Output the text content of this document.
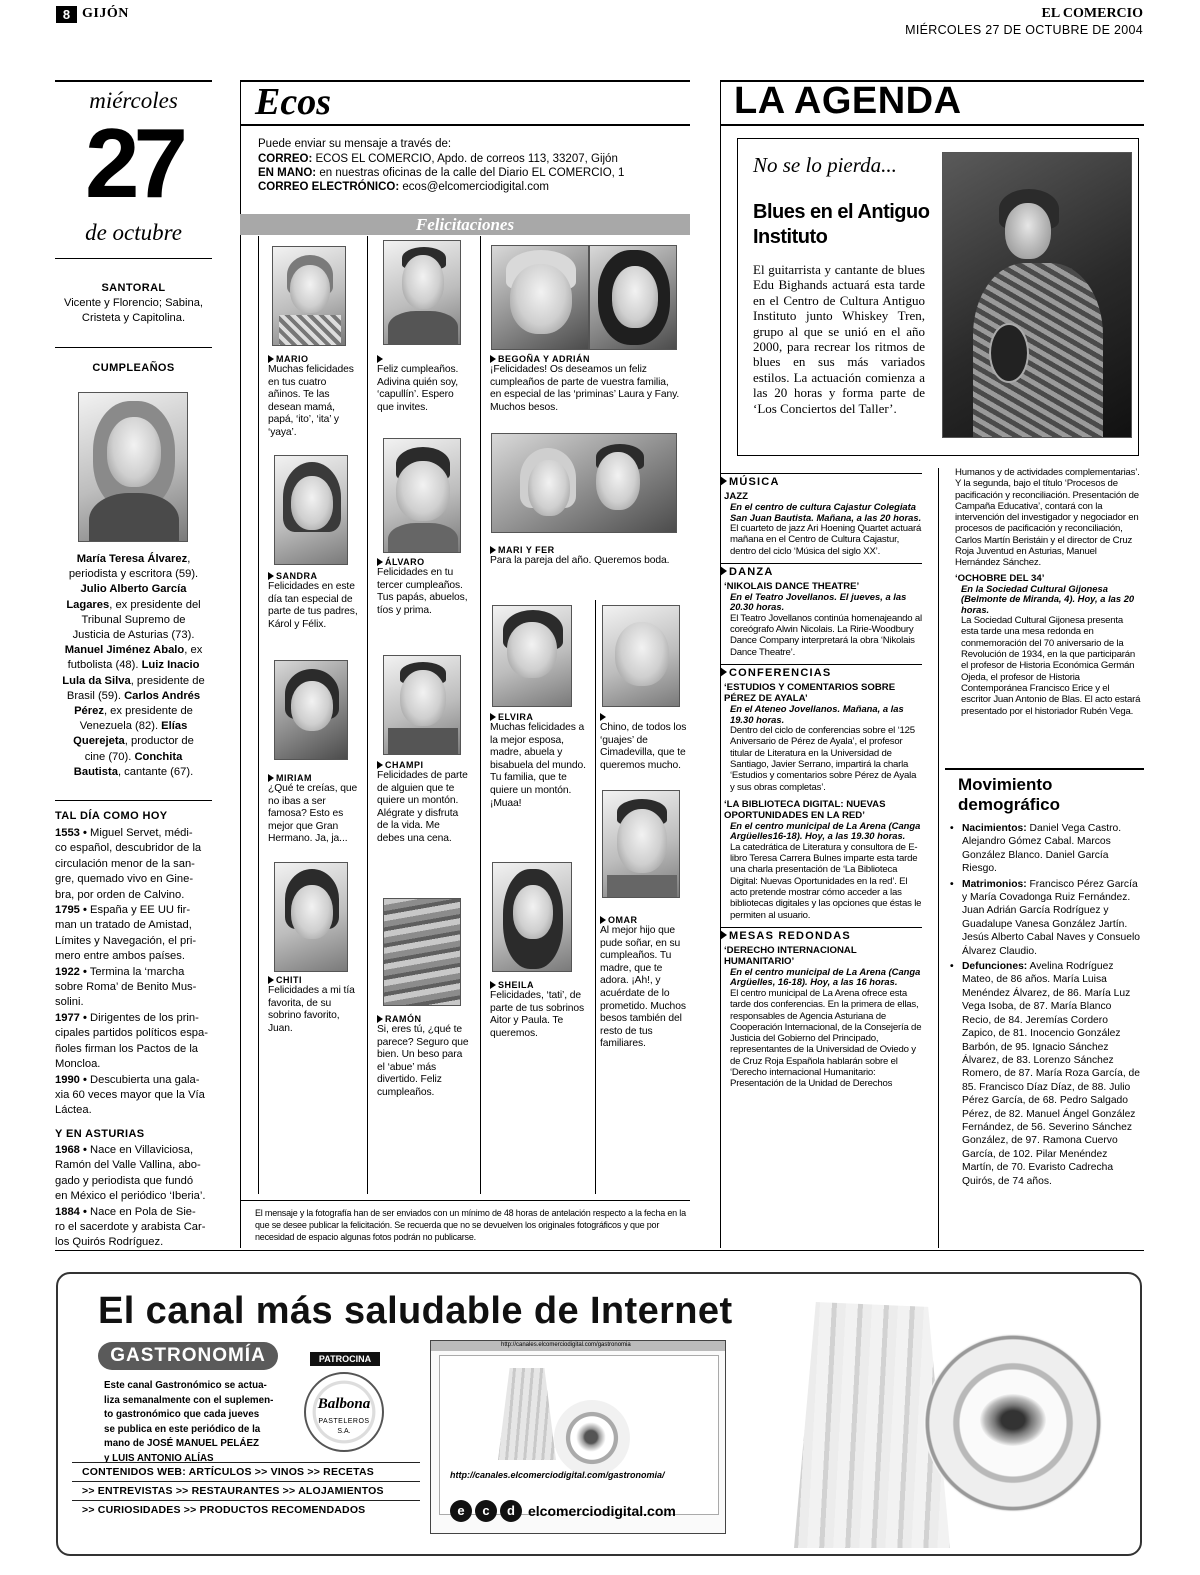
8 GIJÓN	EL COMERCIO
MIÉRCOLES 27 DE OCTUBRE DE 2004
miércoles
27
de octubre
SANTORAL
Vicente y Florencio; Sabina, Cristeta y Capitolina.
CUMPLEAÑOS
María Teresa Álvarez,
periodista y escritora (59).
Julio Alberto García
Lagares, ex presidente del
Tribunal Supremo de
Justicia de Asturias (73).
Manuel Jiménez Abalo, ex
futbolista (48). Luiz Inacio
Lula da Silva, presidente de
Brasil (59). Carlos Andrés
Pérez, ex presidente de
Venezuela (82). Elías
Querejeta, productor de
cine (70). Conchita
Bautista, cantante (67).
TAL DÍA COMO HOY
1553 • Miguel Servet, médi-
co español, descubridor de la
circulación menor de la san-
gre, quemado vivo en Gine-
bra, por orden de Calvino.
1795 • España y EE UU fir-
man un tratado de Amistad,
Límites y Navegación, el pri-
mero entre ambos países.
1922 • Termina la ‘marcha
sobre Roma’ de Benito Mus-
solini.
1977 • Dirigentes de los prin-
cipales partidos políticos espa-
ñoles firman los Pactos de la
Moncloa.
1990 • Descubierta una gala-
xia 60 veces mayor que la Vía
Láctea.
Y EN ASTURIAS
1968 • Nace en Villaviciosa,
Ramón del Valle Vallina, abo-
gado y periodista que fundó
en México el periódico ‘Iberia’.
1884 • Nace en Pola de Sie-
ro el sacerdote y arabista Car-
los Quirós Rodríguez.
Ecos
Puede enviar su mensaje a través de:
CORREO: ECOS EL COMERCIO, Apdo. de correos 113, 33207, Gijón
EN MANO: en nuestras oficinas de la calle del Diario EL COMERCIO, 1
CORREO ELECTRÓNICO: ecos@elcomerciodigital.com
Felicitaciones
MARIO
Muchas felicidades en tus cuatro añinos. Te las desean mamá, papá, ‘ito’, ‘ita’ y ‘yaya’.
Feliz cumpleaños. Adivina quién soy, ‘capullín’. Espero que invites.
BEGOÑA Y ADRIÁN
¡Felicidades! Os deseamos un feliz cumpleaños de parte de vuestra familia, en especial de las ‘priminas’ Laura y Fany. Muchos besos.
MARI Y FER
Para la pareja del año. Queremos boda.
SANDRA
Felicidades en este día tan especial de parte de tus padres, Károl y Félix.
ÁLVARO
Felicidades en tu tercer cumpleaños. Tus papás, abuelos, tíos y prima.
MIRIAM
¿Qué te creías, que no ibas a ser famosa? Esto es mejor que Gran Hermano. Ja, ja...
CHAMPI
Felicidades de parte de alguien que te quiere un montón. Alégrate y disfruta de la vida. Me debes una cena.
ELVIRA
Muchas felicidades a la mejor esposa, madre, abuela y bisabuela del mundo. Tu familia, que te quiere un montón. ¡Muaa!
Chino, de todos los ‘guajes’ de Cimadevilla, que te queremos mucho.
CHITI
Felicidades a mi tía favorita, de su sobrino favorito, Juan.
RAMÓN
Si, eres tú, ¿qué te parece? Seguro que bien. Un beso para el ‘abue’ más divertido. Feliz cumpleaños.
SHEILA
Felicidades, ‘tati’, de parte de tus sobrinos Aitor y Paula. Te queremos.
OMAR
Al mejor hijo que pude soñar, en su cumpleaños. Tu madre, que te adora. ¡Ah!, y acuérdate de lo prometido. Muchos besos también del resto de tus familiares.
El mensaje y la fotografía han de ser enviados con un mínimo de 48 horas de antelación respecto a la fecha en la que se desee publicar la felicitación. Se recuerda que no se devuelven los originales fotográficos y que por necesidad de espacio algunas fotos podrán no publicarse.
LA AGENDA
No se lo pierda...
Blues en el Antiguo Instituto
El guitarrista y cantante de blues Edu Bighands actuará esta tarde en el Centro de Cultura Antiguo Instituto junto Whiskey Tren, grupo al que se unió en el año 2000, para recrear los ritmos de blues en sus más variados estilos. La actuación comienza a las 20 horas y forma parte de ‘Los Conciertos del Taller’.
MÚSICA
JAZZ
En el centro de cultura Cajastur Colegiata San Juan Bautista. Mañana, a las 20 horas.
El cuarteto de jazz Ari Hoening Quartet actuará mañana en el Centro de Cultura Cajastur, dentro del ciclo ‘Música del siglo XX’.
DANZA
‘NIKOLAIS DANCE THEATRE’
En el Teatro Jovellanos. El jueves, a las 20.30 horas.
El Teatro Jovellanos continúa homenajeando al coreógrafo Alwin Nicolais. La Ririe-Woodbury Dance Company interpretará la obra ‘Nikolais Dance Theatre’.
CONFERENCIAS
‘ESTUDIOS Y COMENTARIOS SOBRE PÉREZ DE AYALA’
En el Ateneo Jovellanos. Mañana, a las 19.30 horas.
Dentro del ciclo de conferencias sobre el ‘125 Aniversario de Pérez de Ayala’, el profesor titular de Literatura en la Universidad de Santiago, Javier Serrano, impartirá la charla ‘Estudios y comentarios sobre Pérez de Ayala y sus obras completas’.
‘LA BIBLIOTECA DIGITAL: NUEVAS OPORTUNIDADES EN LA RED’
En el centro municipal de La Arena (Canga Argüelles16-18). Hoy, a las 19.30 horas.
La catedrática de Literatura y consultora de E-libro Teresa Carrera Bulnes imparte esta tarde una charla presentación de ‘La Biblioteca Digital: Nuevas Oportunidades en la red’. El acto pretende mostrar cómo acceder a las bibliotecas digitales y las opciones que éstas le permiten al usuario.
MESAS REDONDAS
‘DERECHO INTERNACIONAL HUMANITARIO’
En el centro municipal de La Arena (Canga Argüelles, 16-18). Hoy, a las 16 horas.
El centro municipal de La Arena ofrece esta tarde dos conferencias. En la primera de ellas, responsables de Agencia Asturiana de Cooperación Internacional, de la Consejería de Justicia del Gobierno del Principado, representantes de la Universidad de Oviedo y de Cruz Roja Española hablarán sobre el ‘Derecho internacional Humanitario: Presentación de la Unidad de Derechos
Humanos y de actividades complementarias’. Y la segunda, bajo el título ‘Procesos de pacificación y reconciliación. Presentación de Campaña Educativa’, contará con la intervención del investigador y negociador en procesos de pacificación y reconciliación, Carlos Martín Beristáin y el director de Cruz Roja Juventud en Asturias, Manuel Hernández Sánchez.
‘OCHOBRE DEL 34’
En la Sociedad Cultural Gijonesa (Belmonte de Miranda, 4). Hoy, a las 20 horas.
La Sociedad Cultural Gijonesa presenta esta tarde una mesa redonda en conmemoración del 70 aniversario de la Revolución de 1934, en la que participarán el profesor de Historia Económica Germán Ojeda, el profesor de Historia Contemporánea Francisco Erice y el escritor Juan Antonio de Blas. El acto estará presentado por el historiador Rubén Vega.
Movimiento demográfico
• Nacimientos: Daniel Vega Castro. Alejandro Gómez Cabal. Marcos González Blanco. Daniel García Riesgo.
• Matrimonios: Francisco Pérez García y María Covadonga Ruiz Fernández. Juan Adrián García Rodríguez y Guadalupe Vanesa González Jartín. Jesús Alberto Cabal Naves y Consuelo Álvarez Claudio.
• Defunciones: Avelina Rodríguez Mateo, de 86 años. María Luisa Menéndez Álvarez, de 86. María Luz Vega Isoba, de 87. María Blanco Recio, de 84. Jeremías Cordero Zapico, de 81. Inocencio González Barbón, de 95. Ignacio Sánchez Álvarez, de 83. Lorenzo Sánchez Romero, de 87. María Roza García, de 85. Francisco Díaz Díaz, de 88. Julio Pérez García, de 68. Pedro Salgado Pérez, de 82. Manuel Ángel González Fernández, de 56. Severino Sánchez González, de 97. Ramona Cuervo García, de 102. Pilar Menéndez Martín, de 70. Evaristo Cadrecha Quirós, de 74 años.
El canal más saludable de Internet
GASTRONOMÍA	PATROCINA
Este canal Gastronómico se actua-
liza semanalmente con el suplemen-
to gastronómico que cada jueves
se publica en este periódico de la
mano de JOSÉ MANUEL PELÁEZ
y LUIS ANTONIO ALÍAS
Balbona
PASTELEROS
S.A.
CONTENIDOS WEB: ARTÍCULOS >> VINOS >> RECETAS
>> ENTREVISTAS >> RESTAURANTES >> ALOJAMIENTOS
>> CURIOSIDADES >> PRODUCTOS RECOMENDADOS
http://canales.elcomerciodigital.com/gastronomia
http://canales.elcomerciodigital.com/gastronomia/
e	c	d elcomerciodigital.com
